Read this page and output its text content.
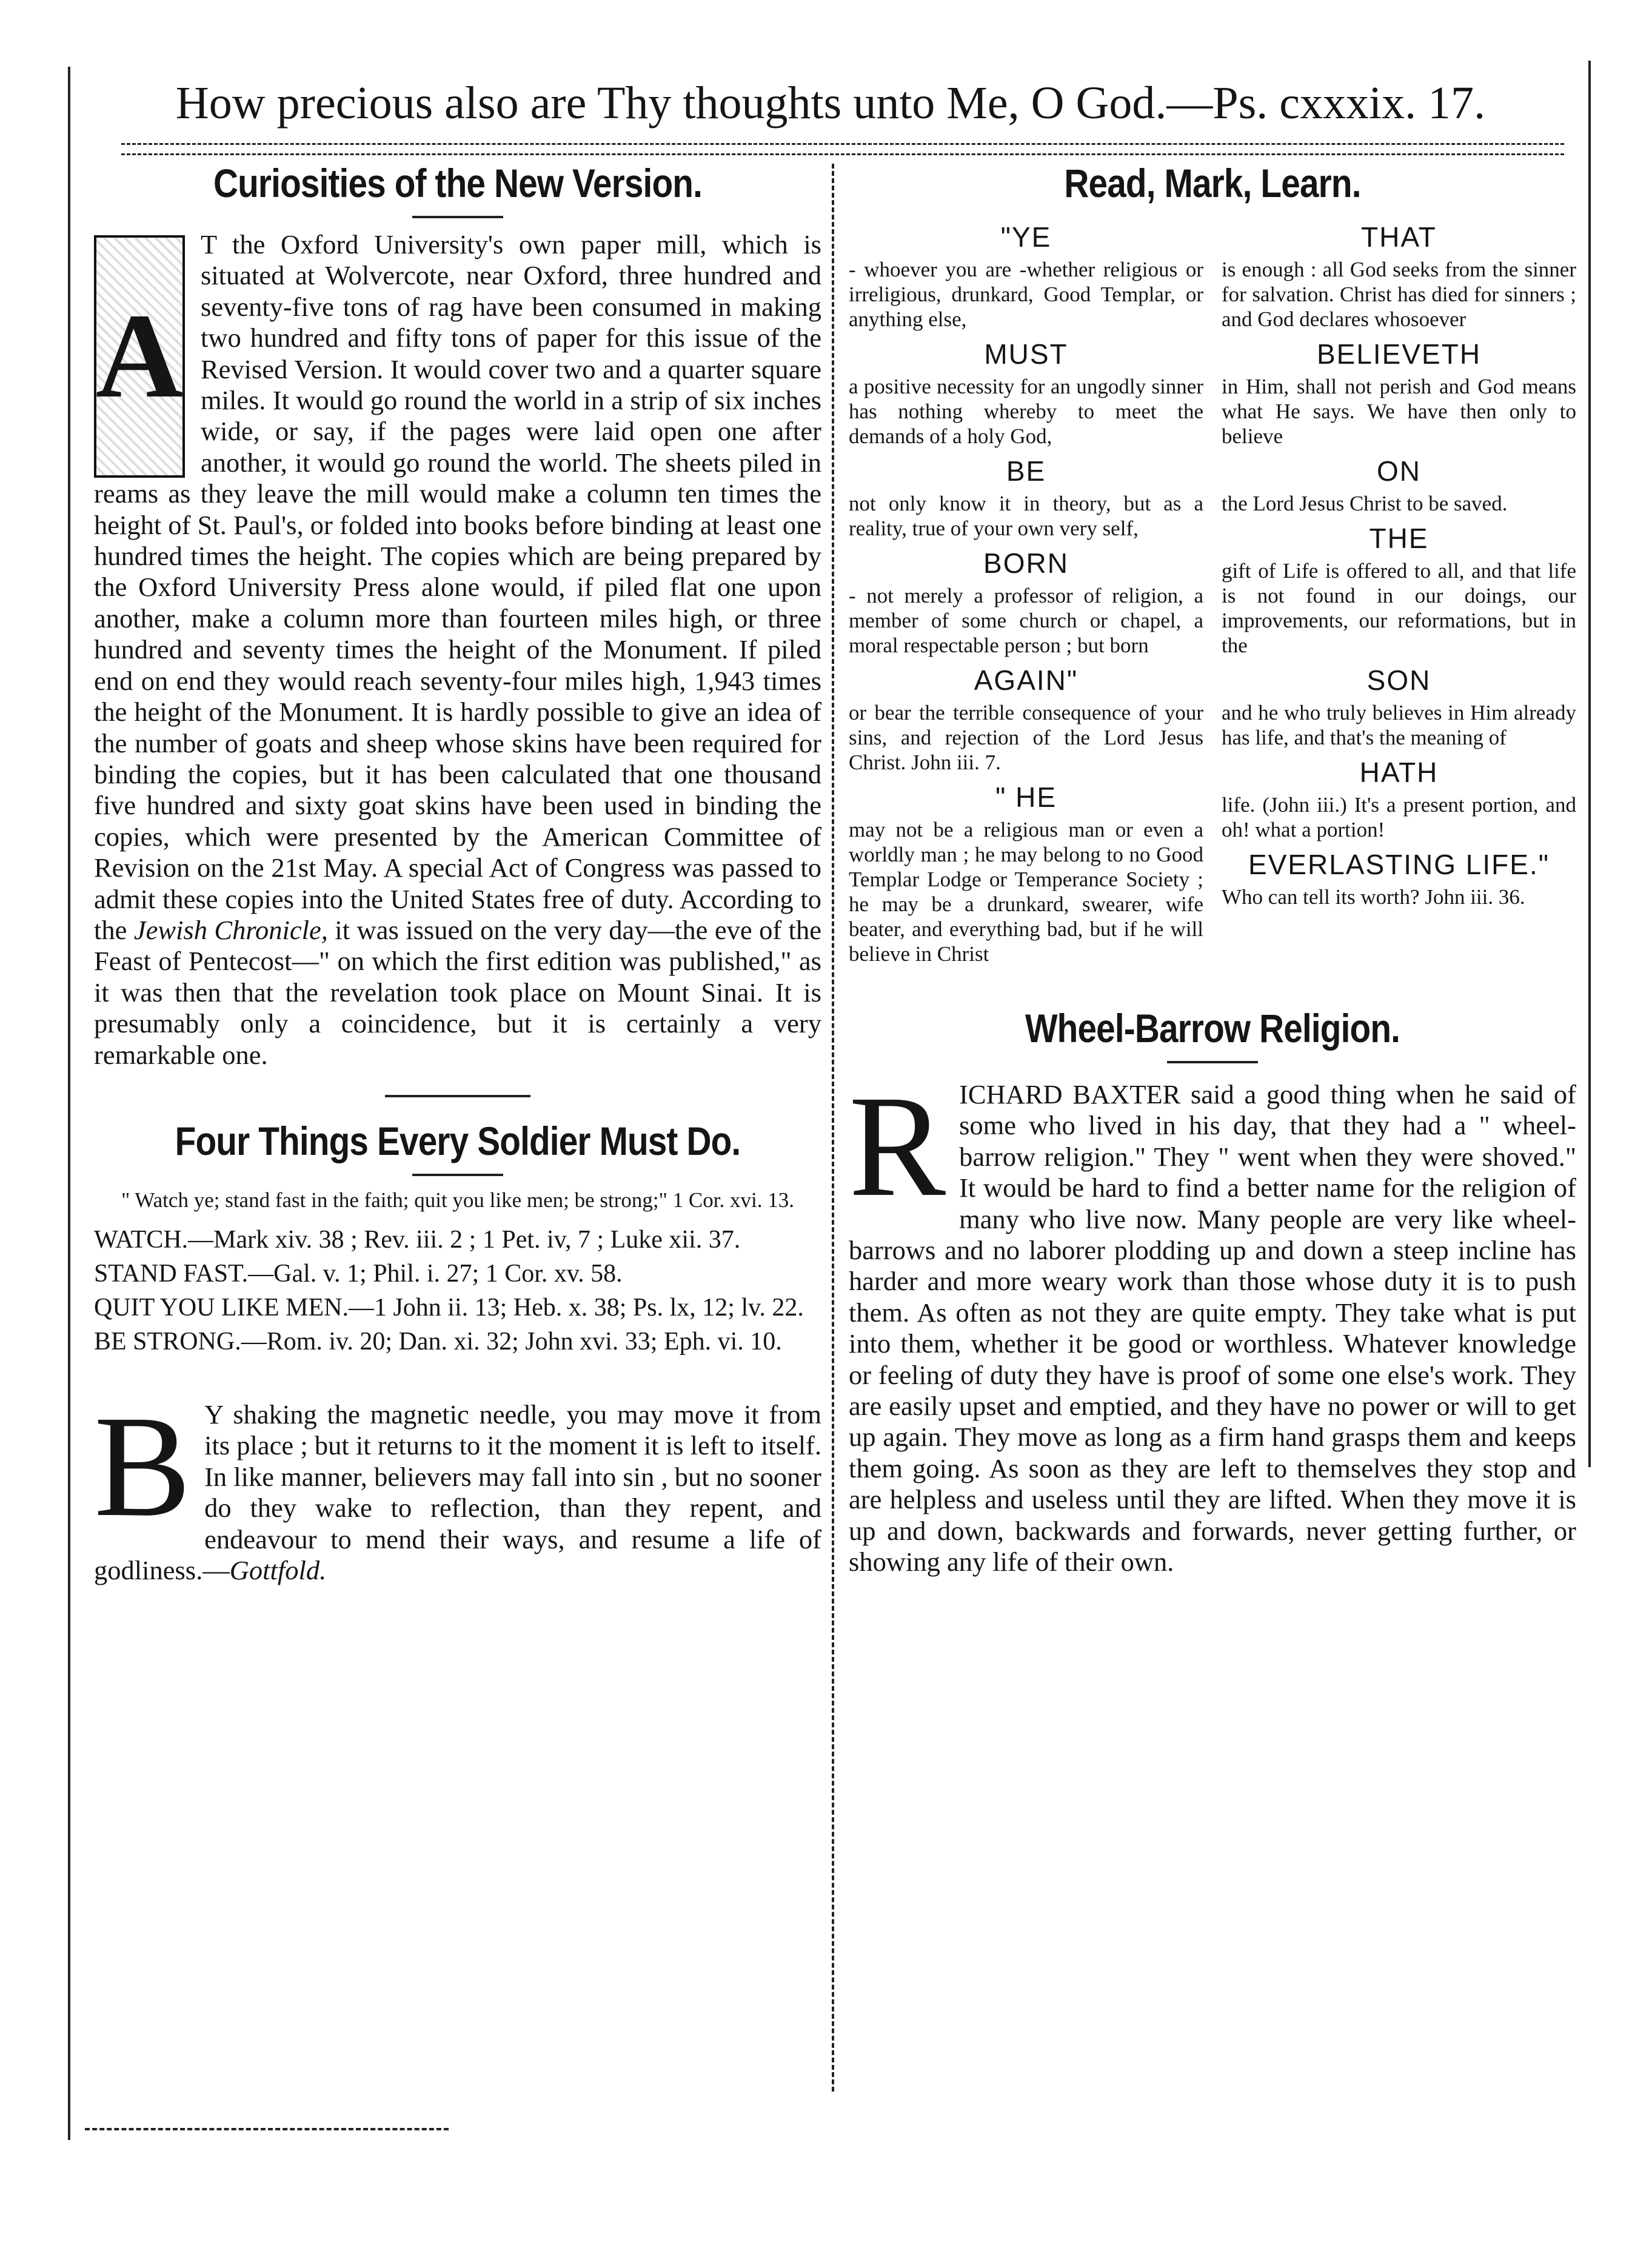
How precious also are Thy thoughts unto Me, O God.—Ps. cxxxix. 17.
Curiosities of the New Version.

A
T the Oxford University's own paper mill, which is situated at Wolvercote, near Oxford, three hundred and seventy-five tons of rag have been consumed in making two hundred and fifty tons of paper for this issue of the Revised Version. It would cover two and a quarter square miles. It would go round the world in a strip of six inches wide, or say, if the pages were laid open one after another, it would go round the world. The sheets piled in reams as they leave the mill would make a column ten times the height of St. Paul's, or folded into books before binding at least one hundred times the height. The copies which are being prepared by the Oxford University Press alone would, if piled flat one upon another, make a column more than fourteen miles high, or three hundred and seventy times the height of the Monument. If piled end on end they would reach seventy-four miles high, 1,943 times the height of the Monument. It is hardly possible to give an idea of the number of goats and sheep whose skins have been required for binding the copies, but it has been calculated that one thousand five hundred and sixty goat skins have been used in binding the copies, which were presented by the American Committee of Revision on the 21st May. A special Act of Congress was passed to admit these copies into the United States free of duty. According to the Jewish Chronicle, it was issued on the very day—the eve of the Feast of Pentecost—" on which the first edition was published," as it was then that the revelation took place on Mount Sinai. It is presumably only a coincidence, but it is certainly a very remarkable one.

Four Things Every Soldier Must Do.

" Watch ye; stand fast in the faith; quit you like men; be strong;" 1 Cor. xvi. 13.

WATCH.—Mark xiv. 38 ; Rev. iii. 2 ; 1 Pet. iv, 7 ; Luke xii. 37.
STAND FAST.—Gal. v. 1; Phil. i. 27; 1 Cor. xv. 58.
QUIT YOU LIKE MEN.—1 John ii. 13; Heb. x. 38; Ps. lx, 12; lv. 22.
BE STRONG.—Rom. iv. 20; Dan. xi. 32; John xvi. 33; Eph. vi. 10.

B Y shaking the magnetic needle, you may move it from its place ; but it returns to it the moment it is left to itself. In like manner, believers may fall into sin , but no sooner do they wake to reflection, than they repent, and endeavour to mend their ways, and resume a life of godliness.—Gottfold.

Read, Mark, Learn.
"YE

- whoever you are -whether religious or irreligious, drunkard, Good Templar, or anything else,

MUST

a positive necessity for an ungodly sinner has nothing whereby to meet the demands of a holy God,

BE

not only know it in theory, but as a reality, true of your own very self,

BORN

- not merely a professor of religion, a member of some church or chapel, a moral respectable person ; but born

AGAIN"

or bear the terrible consequence of your sins, and rejection of the Lord Jesus Christ. John iii. 7.

" HE

may not be a religious man or even a worldly man ; he may belong to no Good Templar Lodge or Temperance Society ; he may be a drunkard, swearer, wife beater, and everything bad, but if he will believe in Christ

THAT

is enough : all God seeks from the sinner for salvation. Christ has died for sinners ; and God declares whosoever

BELIEVETH

in Him, shall not perish and God means what He says. We have then only to believe

ON

the Lord Jesus Christ to be saved.

THE

gift of Life is offered to all, and that life is not found in our doings, our improvements, our reformations, but in the

SON

and he who truly believes in Him already has life, and that's the meaning of

HATH

life. (John iii.) It's a present portion, and oh! what a portion!

EVERLASTING LIFE."

Who can tell its worth? John iii. 36.

Wheel-Barrow Religion.

RICHARD BAXTER said a good thing when he said of some who lived in his day, that they had a " wheel-barrow religion." They " went when they were shoved." It would be hard to find a better name for the religion of many who live now. Many people are very like wheel-barrows and no laborer plodding up and down a steep incline has harder and more weary work than those whose duty it is to push them. As often as not they are quite empty. They take what is put into them, whether it be good or worthless. Whatever knowledge or feeling of duty they have is proof of some one else's work. They are easily upset and emptied, and they have no power or will to get up again. They move as long as a firm hand grasps them and keeps them going. As soon as they are left to themselves they stop and are helpless and useless until they are lifted. When they move it is up and down, backwards and forwards, never getting further, or showing any life of their own.
